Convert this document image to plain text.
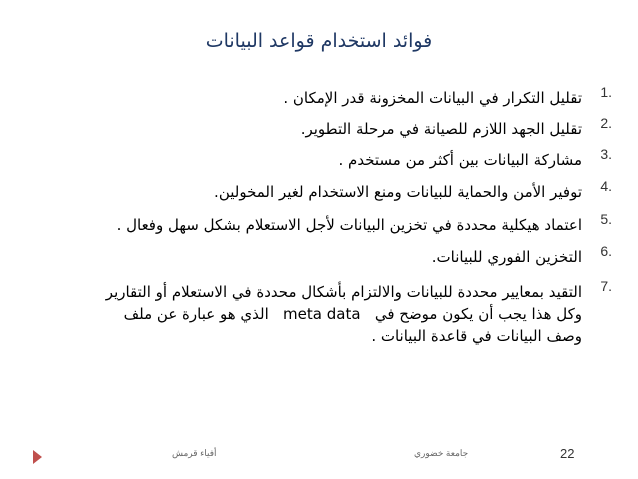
فوائد استخدام قواعد البيانات
1.
تقليل التكرار في البيانات المخزونة قدر الإمكان .
2.
تقليل الجهد اللازم للصيانة في مرحلة التطوير.
3.
مشاركة البيانات بين أكثر من مستخدم .
4.
توفير الأمن والحماية للبيانات ومنع الاستخدام لغير المخولين.
5.
اعتماد هيكلية محددة في تخزين البيانات لأجل الاستعلام بشكل سهل وفعال .
6.
التخزين الفوري للبيانات.
7.
التقيد بمعايير محددة للبيانات والالتزام بأشكال محددة في الاستعلام أو التقارير
وكل هذا يجب أن يكون موضح في   meta data   الذي هو عبارة عن ملف
وصف البيانات في قاعدة البيانات .
أفياء قرمش	جامعة خضوري	22
